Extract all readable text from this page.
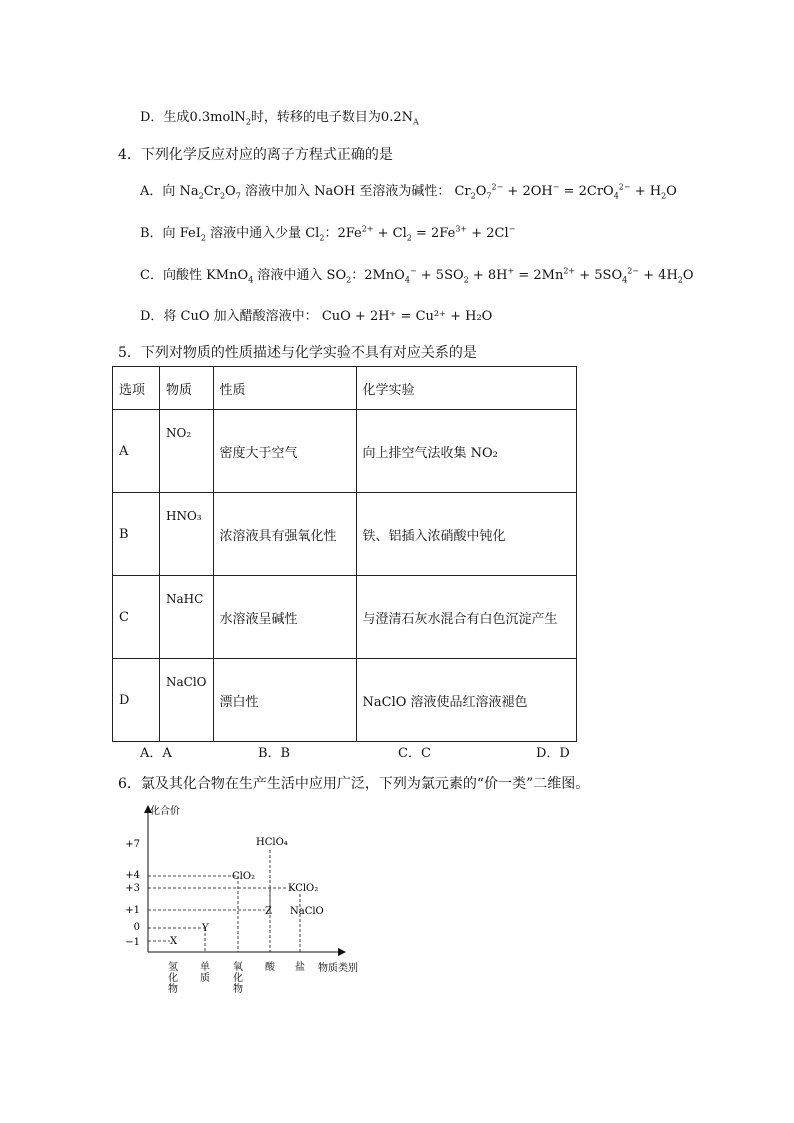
D．生成0.3molN$_2$时，转移的电子数目为$0.2N_A$
4．下列化学反应对应的离子方程式正确的是
A．向 $Na_2Cr_2O_7$ 溶液中加入 NaOH 至溶液为碱性： $Cr_2O_7^{2-} + 2OH^- = 2CrO_4^{2-} + H_2O$
B．向 FeI$_2$ 溶液中通入少量 $Cl_2$：$2Fe^{2+} + Cl_2 = 2Fe^{3+} + 2Cl^-$
C．向酸性 KMnO$_4$ 溶液中通入 $SO_2$：$2MnO_4^- + 5SO_2 + 8H^+ = 2Mn^{2+} + 5SO_4^{2-} + 4H_2O$
D．将 CuO 加入醋酸溶液中： CuO + 2H⁺ = Cu²⁺ + H₂O
5．下列对物质的性质描述与化学实验不具有对应关系的是
选项	物质	性质	化学实验
A	NO₂	密度大于空气	向上排空气法收集 NO₂
B	HNO₃	浓溶液具有强氧化性	铁、铝插入浓硝酸中钝化
C	NaHC	水溶液呈碱性	与澄清石灰水混合有白色沉淀产生
D	NaClO	漂白性	NaClO 溶液使品红溶液褪色
A．A	B．B	C．C	D．D
6．氯及其化合物在生产生活中应用广泛，下列为氯元素的“价一类”二维图。
化合价
物质类别
+7
+4
+3
+1
0
−1	X
Y
Z
ClO₂
HClO₄
KClO₂
NaClO
氢
化
物
单
质
氧
化
物
酸 盐
